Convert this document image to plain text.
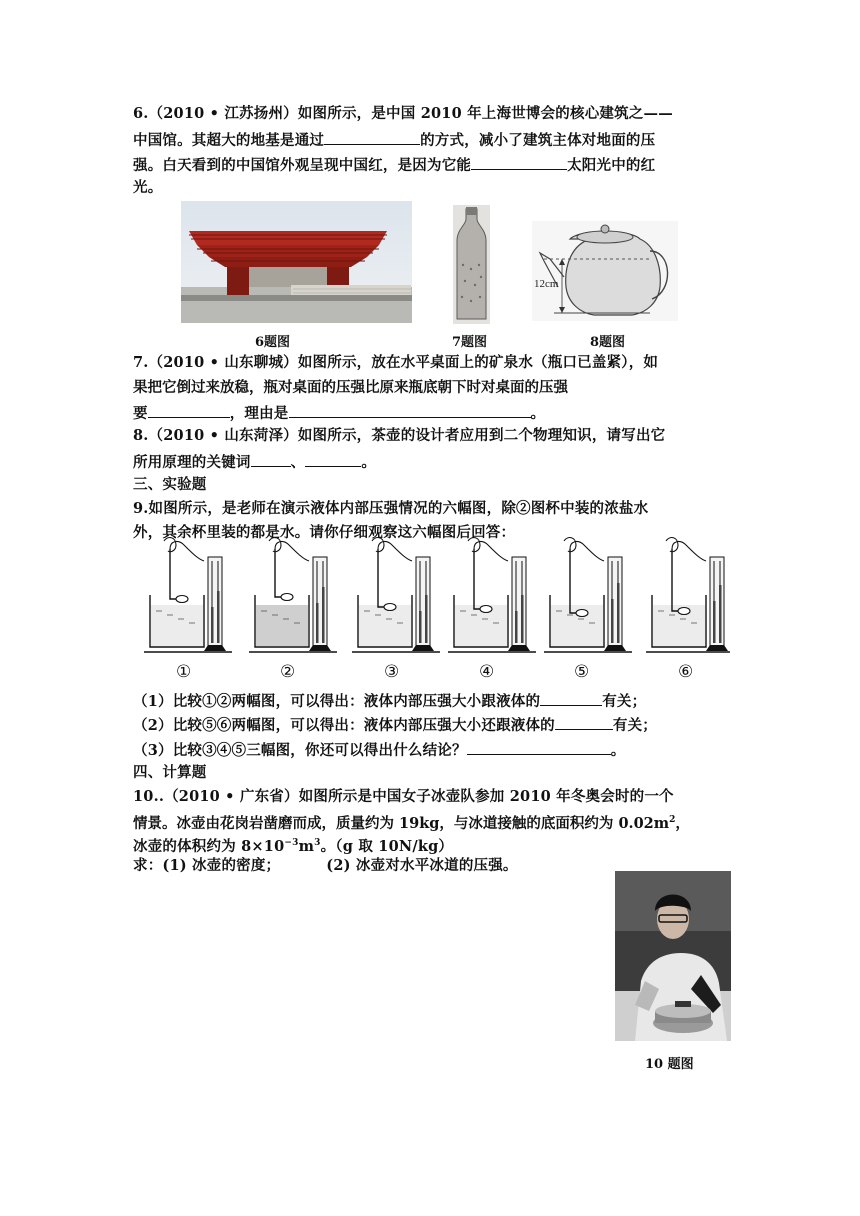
6.（2010 • 江苏扬州）如图所示，是中国 2010 年上海世博会的核心建筑之——
中国馆。其超大的地基是通过	的方式，减小了建筑主体对地面的压
强。白天看到的中国馆外观呈现中国红，是因为它能	太阳光中的红
光。
12cm
6题图	7题图	8题图
7.（2010 • 山东聊城）如图所示，放在水平桌面上的矿泉水（瓶口已盖紧），如
果把它倒过来放稳，瓶对桌面的压强比原来瓶底朝下时对桌面的压强
要	，理由是	。
8.（2010 • 山东菏泽）如图所示，茶壶的设计者应用到二个物理知识，请写出它
所用原理的关键词	、	。
三、实验题
9.如图所示，是老师在演示液体内部压强情况的六幅图，除②图杯中装的浓盐水
外，其余杯里装的都是水。请你仔细观察这六幅图后回答：
①	②	③	④	⑤	⑥
（1）比较①②两幅图，可以得出：液体内部压强大小跟液体的	有关；
（2）比较⑤⑥两幅图，可以得出：液体内部压强大小还跟液体的	有关；
（3）比较③④⑤三幅图，你还可以得出什么结论？	。
四、计算题
10..（2010 • 广东省）如图所示是中国女子冰壶队参加 2010 年冬奥会时的一个
情景。冰壶由花岗岩凿磨而成，质量约为 19kg，与冰道接触的底面积约为 $0.02m^2$，
冰壶的体积约为 $8\times 10^{-3}m^3$。（g 取 10N/kg）
求：(1) 冰壶的密度；	(2) 冰壶对水平冰道的压强。
10 题图
